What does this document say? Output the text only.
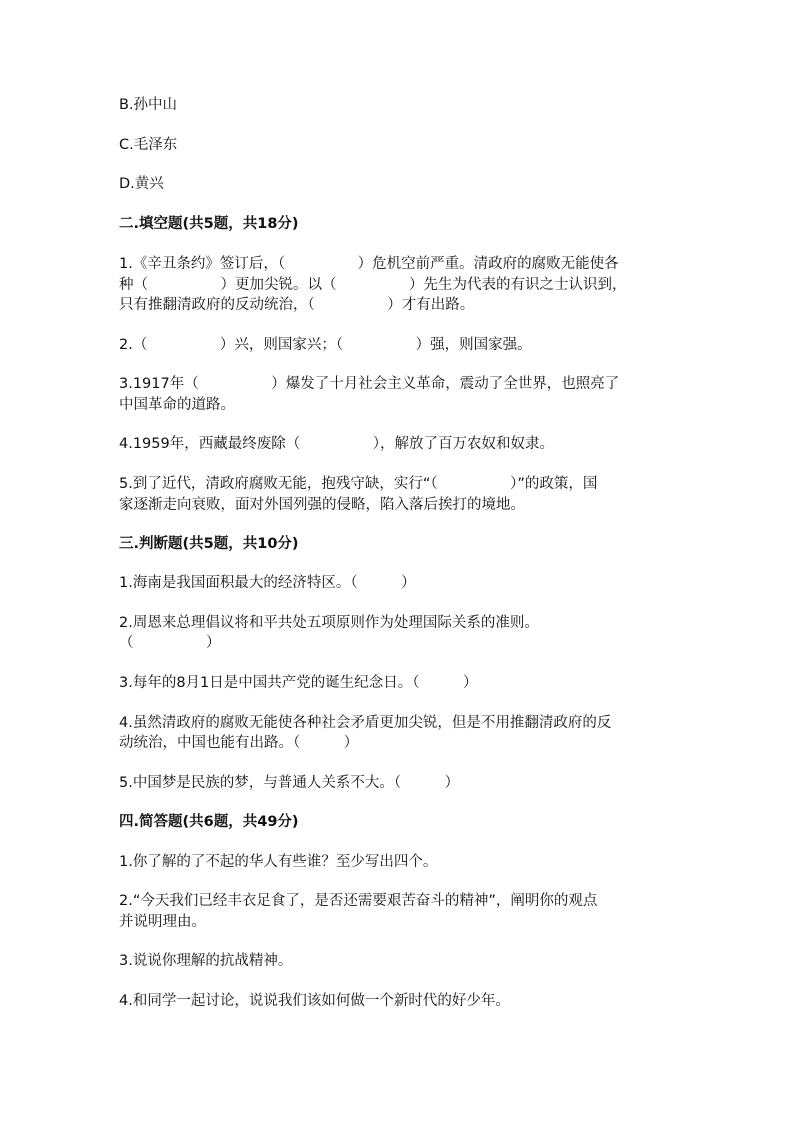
B.孙中山

C.毛泽东

D.黄兴

二.填空题(共5题，共18分)

1.《辛丑条约》签订后，（　　　　　）危机空前严重。清政府的腐败无能使各

种（　　　　　）更加尖锐。以（　　　　　）先生为代表的有识之士认识到，

只有推翻清政府的反动统治，（　　　　　）才有出路。

2.（　　　　　）兴，则国家兴；（　　　　　）强，则国家强。

3.1917年（　　　　　）爆发了十月社会主义革命，震动了全世界，也照亮了

中国革命的道路。

4.1959年，西藏最终废除（　　　　　），解放了百万农奴和奴隶。

5.到了近代，清政府腐败无能，抱残守缺，实行“（　　　　　）”的政策，国

家逐渐走向衰败，面对外国列强的侵略，陷入落后挨打的境地。

三.判断题(共5题，共10分)

1.海南是我国面积最大的经济特区。（　　　）

2.周恩来总理倡议将和平共处五项原则作为处理国际关系的准则。

（　　　　　）

3.每年的8月1日是中国共产党的诞生纪念日。（　　　）

4.虽然清政府的腐败无能使各种社会矛盾更加尖锐，但是不用推翻清政府的反

动统治，中国也能有出路。（　　　）

5.中国梦是民族的梦，与普通人关系不大。（　　　）

四.简答题(共6题，共49分)

1.你了解的了不起的华人有些谁？至少写出四个。

2.“今天我们已经丰衣足食了，是否还需要艰苦奋斗的精神”，阐明你的观点

并说明理由。

3.说说你理解的抗战精神。

4.和同学一起讨论，说说我们该如何做一个新时代的好少年。
